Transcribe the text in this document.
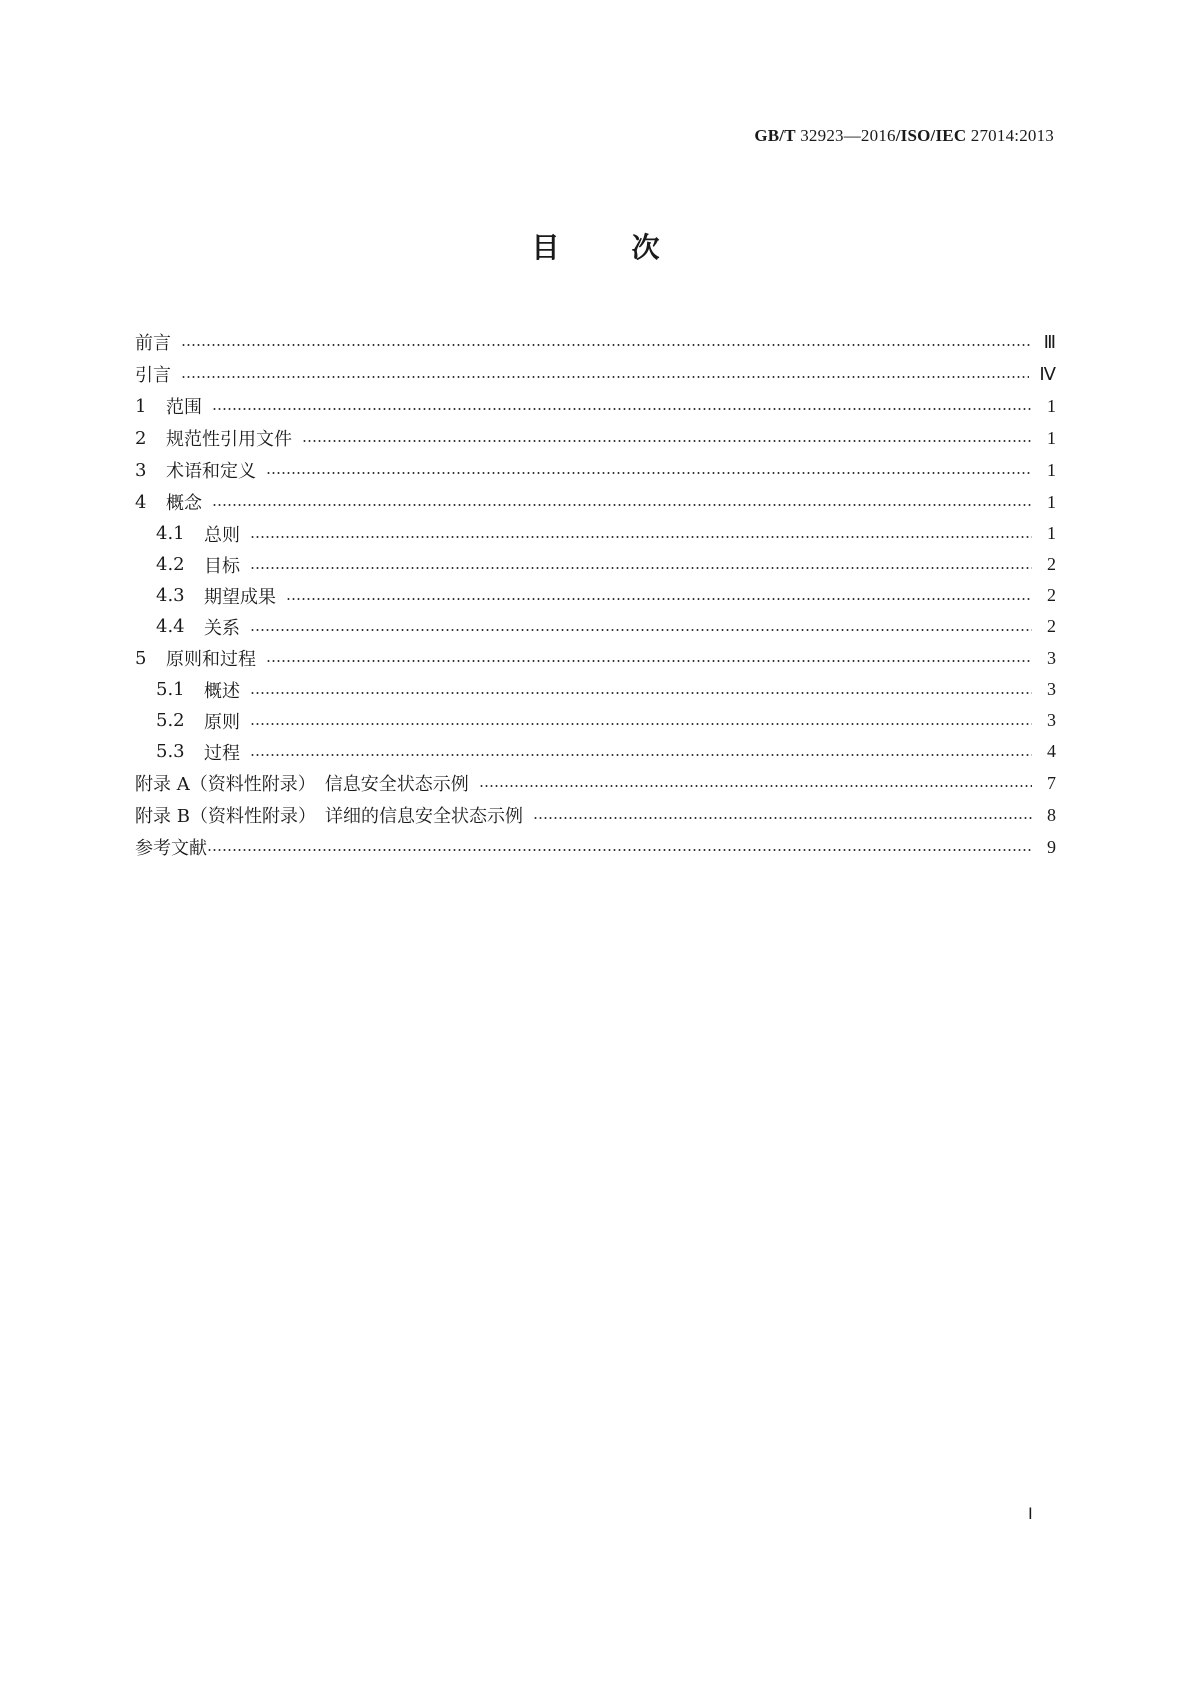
GB/T 32923—2016/ISO/IEC 27014:2013
目	次
前言	Ⅲ
引言	Ⅳ
1	范围	1
2	规范性引用文件	1
3	术语和定义	1
4	概念	1
4.1	总则	1
4.2	目标	2
4.3	期望成果	2
4.4	关系	2
5	原则和过程	3
5.1	概述	3
5.2	原则	3
5.3	过程	4
附录 A（资料性附录）　信息安全状态示例	7
附录 B（资料性附录）　详细的信息安全状态示例	8
参考文献	9
Ⅰ
